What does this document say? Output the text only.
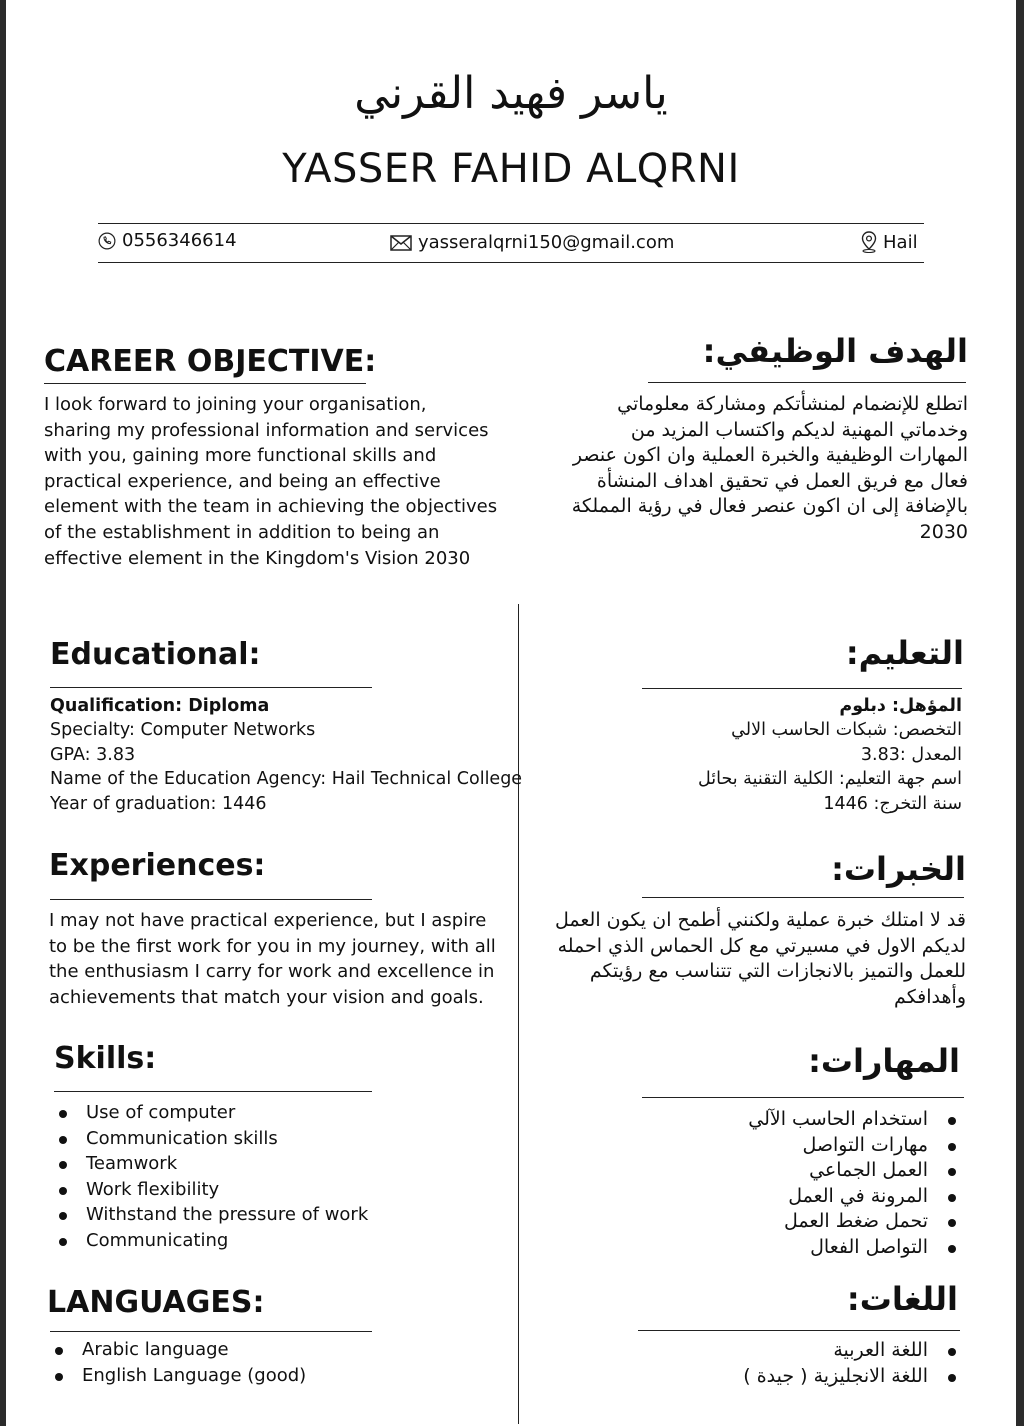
ياسر فهيد القرني
YASSER FAHID ALQRNI
0556346614	yasseralqrni150@gmail.com	Hail
CAREER OBJECTIVE:
I look forward to joining your organisation,
sharing my professional information and services
with you, gaining more functional skills and
practical experience, and being an effective
element with the team in achieving the objectives
of the establishment in addition to being an
effective element in the Kingdom's Vision 2030
الهدف الوظيفي:
اتطلع للإنضمام لمنشأتكم ومشاركة معلوماتي
وخدماتي المهنية لديكم واكتساب المزيد من
المهارات الوظيفية والخبرة العملية وان اكون عنصر
فعال مع فريق العمل في تحقيق اهداف المنشأة
بالإضافة إلى ان اكون عنصر فعال في رؤية المملكة
2030
Educational:
Qualification: Diploma
Specialty: Computer Networks
GPA: 3.83
Name of the Education Agency: Hail Technical College
Year of graduation: 1446
التعليم:
المؤهل: دبلوم
التخصص: شبكات الحاسب الالي
المعدل :3.83
اسم جهة التعليم: الكلية التقنية بحائل
سنة التخرج: 1446
Experiences:
I may not have practical experience, but I aspire
to be the first work for you in my journey, with all
the enthusiasm I carry for work and excellence in
achievements that match your vision and goals.
الخبرات:
قد لا امتلك خبرة عملية ولكنني أطمح ان يكون العمل
لديكم الاول في مسيرتي مع كل الحماس الذي احمله
للعمل والتميز بالانجازات التي تتناسب مع رؤيتكم
وأهدافكم
Skills:
Use of computer
Communication skills
Teamwork
Work flexibility
Withstand the pressure of work
Communicating
المهارات:
استخدام الحاسب الآلي
مهارات التواصل
العمل الجماعي
المرونة في العمل
تحمل ضغط العمل
التواصل الفعال
LANGUAGES:
Arabic language
English Language (good)
اللغات:
اللغة العربية
اللغة الانجليزية ( جيدة )
